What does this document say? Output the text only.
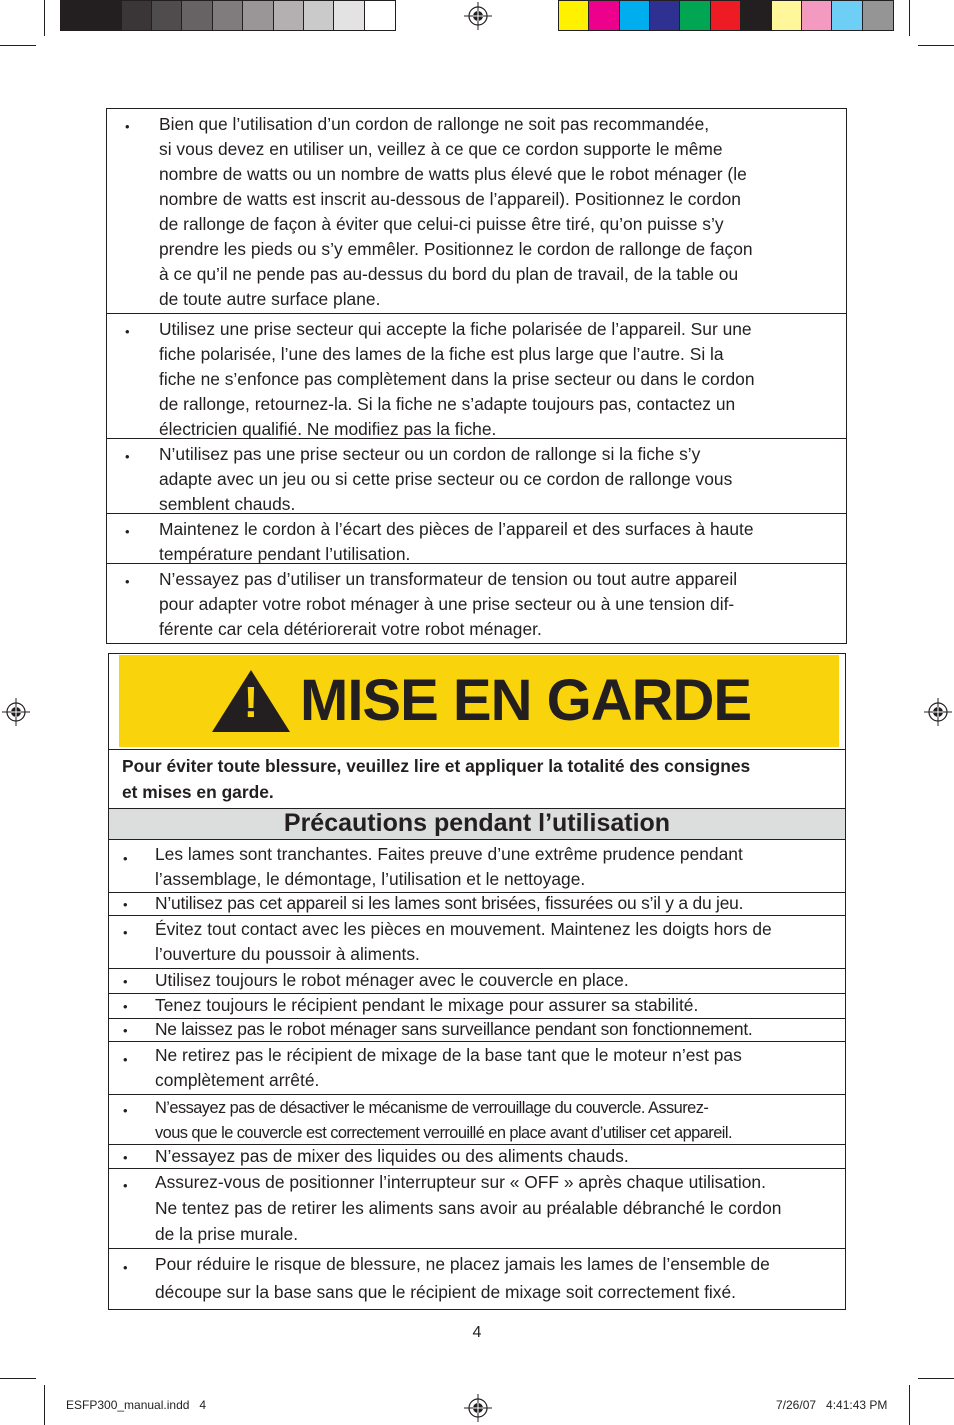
• Bien que l’utilisation d’un cordon de rallonge ne soit pas recommandée,
si vous devez en utiliser un, veillez à ce que ce cordon supporte le même
nombre de watts ou un nombre de watts plus élevé que le robot ménager (le
nombre de watts est inscrit au-dessous de l’appareil). Positionnez le cordon
de rallonge de façon à éviter que celui-ci puisse être tiré, qu’on puisse s’y
prendre les pieds ou s’y emmêler. Positionnez le cordon de rallonge de façon
à ce qu’il ne pende pas au-dessus du bord du plan de travail, de la table ou
de toute autre surface plane.
• Utilisez une prise secteur qui accepte la fiche polarisée de l’appareil. Sur une
fiche polarisée, l’une des lames de la fiche est plus large que l’autre. Si la
fiche ne s’enfonce pas complètement dans la prise secteur ou dans le cordon
de rallonge, retournez-la. Si la fiche ne s’adapte toujours pas, contactez un
électricien qualifié. Ne modifiez pas la fiche.
• N’utilisez pas une prise secteur ou un cordon de rallonge si la fiche s’y
adapte avec un jeu ou si cette prise secteur ou ce cordon de rallonge vous
semblent chauds.
• Maintenez le cordon à l’écart des pièces de l’appareil et des surfaces à haute
température pendant l’utilisation.
• N’essayez pas d’utiliser un transformateur de tension ou tout autre appareil
pour adapter votre robot ménager à une prise secteur ou à une tension dif-
férente car cela détériorerait votre robot ménager.
! MISE EN GARDE
Pour éviter toute blessure, veuillez lire et appliquer la totalité des consignes
et mises en garde.
Précautions pendant l’utilisation
• Les lames sont tranchantes. Faites preuve d’une extrême prudence pendant
l’assemblage, le démontage, l’utilisation et le nettoyage.
• N’utilisez pas cet appareil si les lames sont brisées, fissurées ou s’il y a du jeu.
• Évitez tout contact avec les pièces en mouvement. Maintenez les doigts hors de
l’ouverture du poussoir à aliments.
• Utilisez toujours le robot ménager avec le couvercle en place.
• Tenez toujours le récipient pendant le mixage pour assurer sa stabilité.
• Ne laissez pas le robot ménager sans surveillance pendant son fonctionnement.
• Ne retirez pas le récipient de mixage de la base tant que le moteur n’est pas
complètement arrêté.
• N’essayez pas de désactiver le mécanisme de verrouillage du couvercle. Assurez-
vous que le couvercle est correctement verrouillé en place avant d’utiliser cet appareil.
• N’essayez pas de mixer des liquides ou des aliments chauds.
• Assurez-vous de positionner l’interrupteur sur « OFF » après chaque utilisation.
Ne tentez pas de retirer les aliments sans avoir au préalable débranché le cordon
de la prise murale.
• Pour réduire le risque de blessure, ne placez jamais les lames de l’ensemble de
découpe sur la base sans que le récipient de mixage soit correctement fixé.
4
ESFP300_manual.indd   4	7/26/07   4:41:43 PM
